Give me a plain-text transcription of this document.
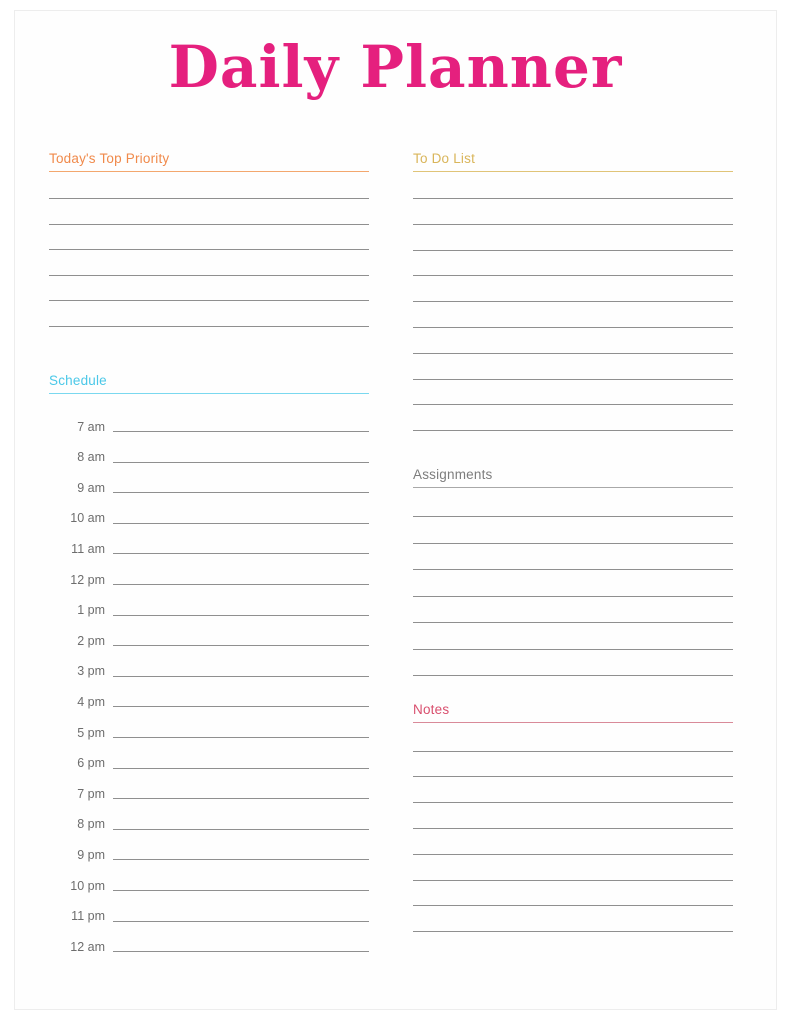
Daily Planner
Today's Top Priority
Schedule
7 am
8 am
9 am
10 am
11 am
12 pm
1 pm
2 pm
3 pm
4 pm
5 pm
6 pm
7 pm
8 pm
9 pm
10 pm
11 pm
12 am
To Do List
Assignments
Notes
